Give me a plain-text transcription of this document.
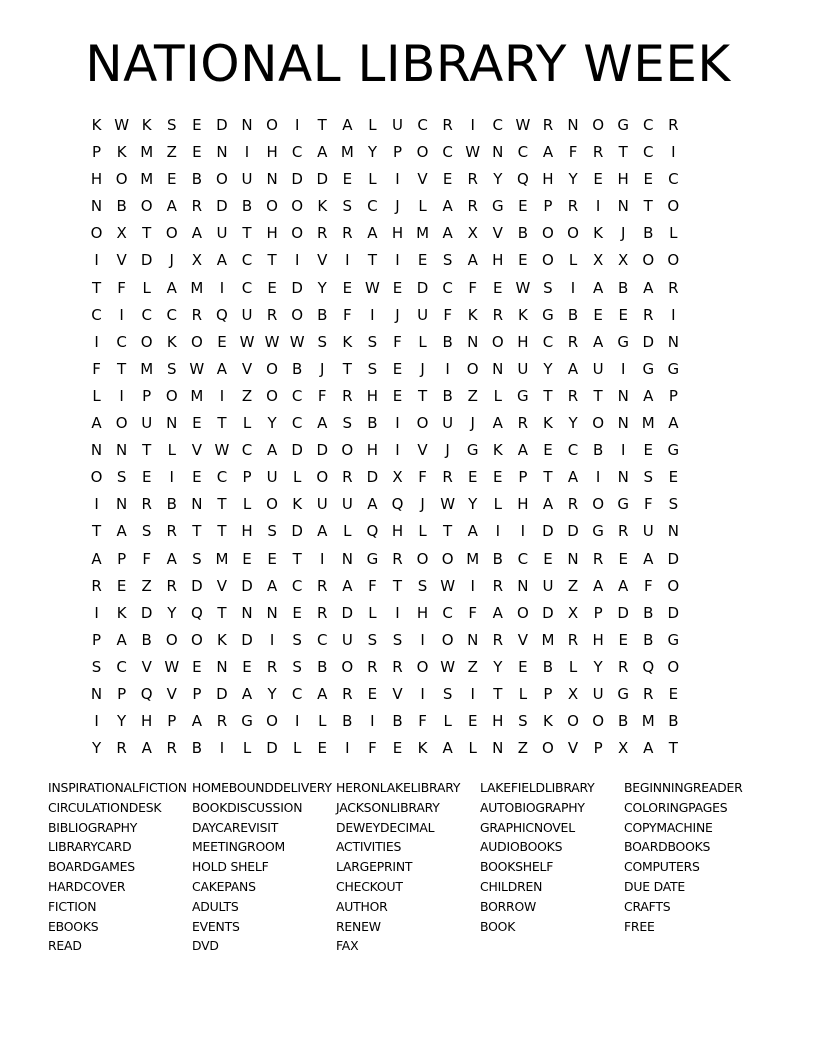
NATIONAL LIBRARY WEEK
K W K	S	E D N O	I	T	A	L	U C R	I	C W R N O G C R
P	K M Z	E N	I	H C A M Y	P O C W N C A	F	R	T	C	I
H O M E	B O U N D D E	L	I	V	E	R	Y Q H Y	E H E	C
N B O A R D B O O K	S	C	J	L	A R G E	P	R	I	N T O
O X	T O A U	T H O R R A H M A X V B O O K	J	B	L
I	V D	J	X A C	T	I	V	I	T	I	E	S	A H E O	L	X X O O
T	F	L	A M	I	C	E D Y	E W E D C	F	E W S	I	A B A R
C	I	C C R Q U R O B	F	I	J	U	F	K R K G B	E	E	R	I
I	C O K O E W W W S	K	S	F	L	B N O H C R A G D N
F	T M S W A V O B	J	T	S	E	J	I	O N U	Y	A U	I	G G
L	I	P O M	I	Z O C	F	R H E	T	B Z	L	G T	R	T N A	P
A O U N E	T	L	Y	C A	S	B	I	O U	J	A R K	Y O N M A
N N T	L	V W C A D D O H	I	V	J	G K	A	E	C B	I	E G
O S	E	I	E	C	P	U	L O R D X	F	R	E	E	P	T	A	I	N S	E
I	N R B N T	L O K U U A Q	J	W Y	L	H A R O G F	S
T	A	S	R	T	T H S D A	L Q H	L	T	A	I	I	D D G R U N
A	P	F	A	S M E	E	T	I	N G R O O M B C	E N R	E	A D
R	E	Z R D V D A C R A	F	T	S W	I	R N U Z A A	F O
I	K D Y Q T N N E	R D	L	I	H C	F	A O D X	P D B D
P	A B O O K D	I	S	C U S	S	I	O N R V M R H E	B G
S	C V W E N E	R	S	B O R R O W Z	Y	E	B	L	Y	R Q O
N P Q V	P D A	Y	C A R	E	V	I	S	I	T	L	P	X U G R	E
I	Y H P	A R G O	I	L	B	I	B	F	L	E H S	K O O B M B
Y	R A R B	I	L	D	L	E	I	F	E	K	A	L	N Z O V	P	X A	T
INSPIRATIONALFICTION
CIRCULATIONDESK
BIBLIOGRAPHY
LIBRARYCARD
BOARDGAMES
HARDCOVER
FICTION
EBOOKS
READ
HOMEBOUNDDELIVERY
BOOKDISCUSSION
DAYCAREVISIT
MEETINGROOM
HOLD SHELF
CAKEPANS
ADULTS
EVENTS
DVD
HERONLAKELIBRARY
JACKSONLIBRARY
DEWEYDECIMAL
ACTIVITIES
LARGEPRINT
CHECKOUT
AUTHOR
RENEW
FAX
LAKEFIELDLIBRARY
AUTOBIOGRAPHY
GRAPHICNOVEL
AUDIOBOOKS
BOOKSHELF
CHILDREN
BORROW
BOOK
BEGINNINGREADER
COLORINGPAGES
COPYMACHINE
BOARDBOOKS
COMPUTERS
DUE DATE
CRAFTS
FREE
